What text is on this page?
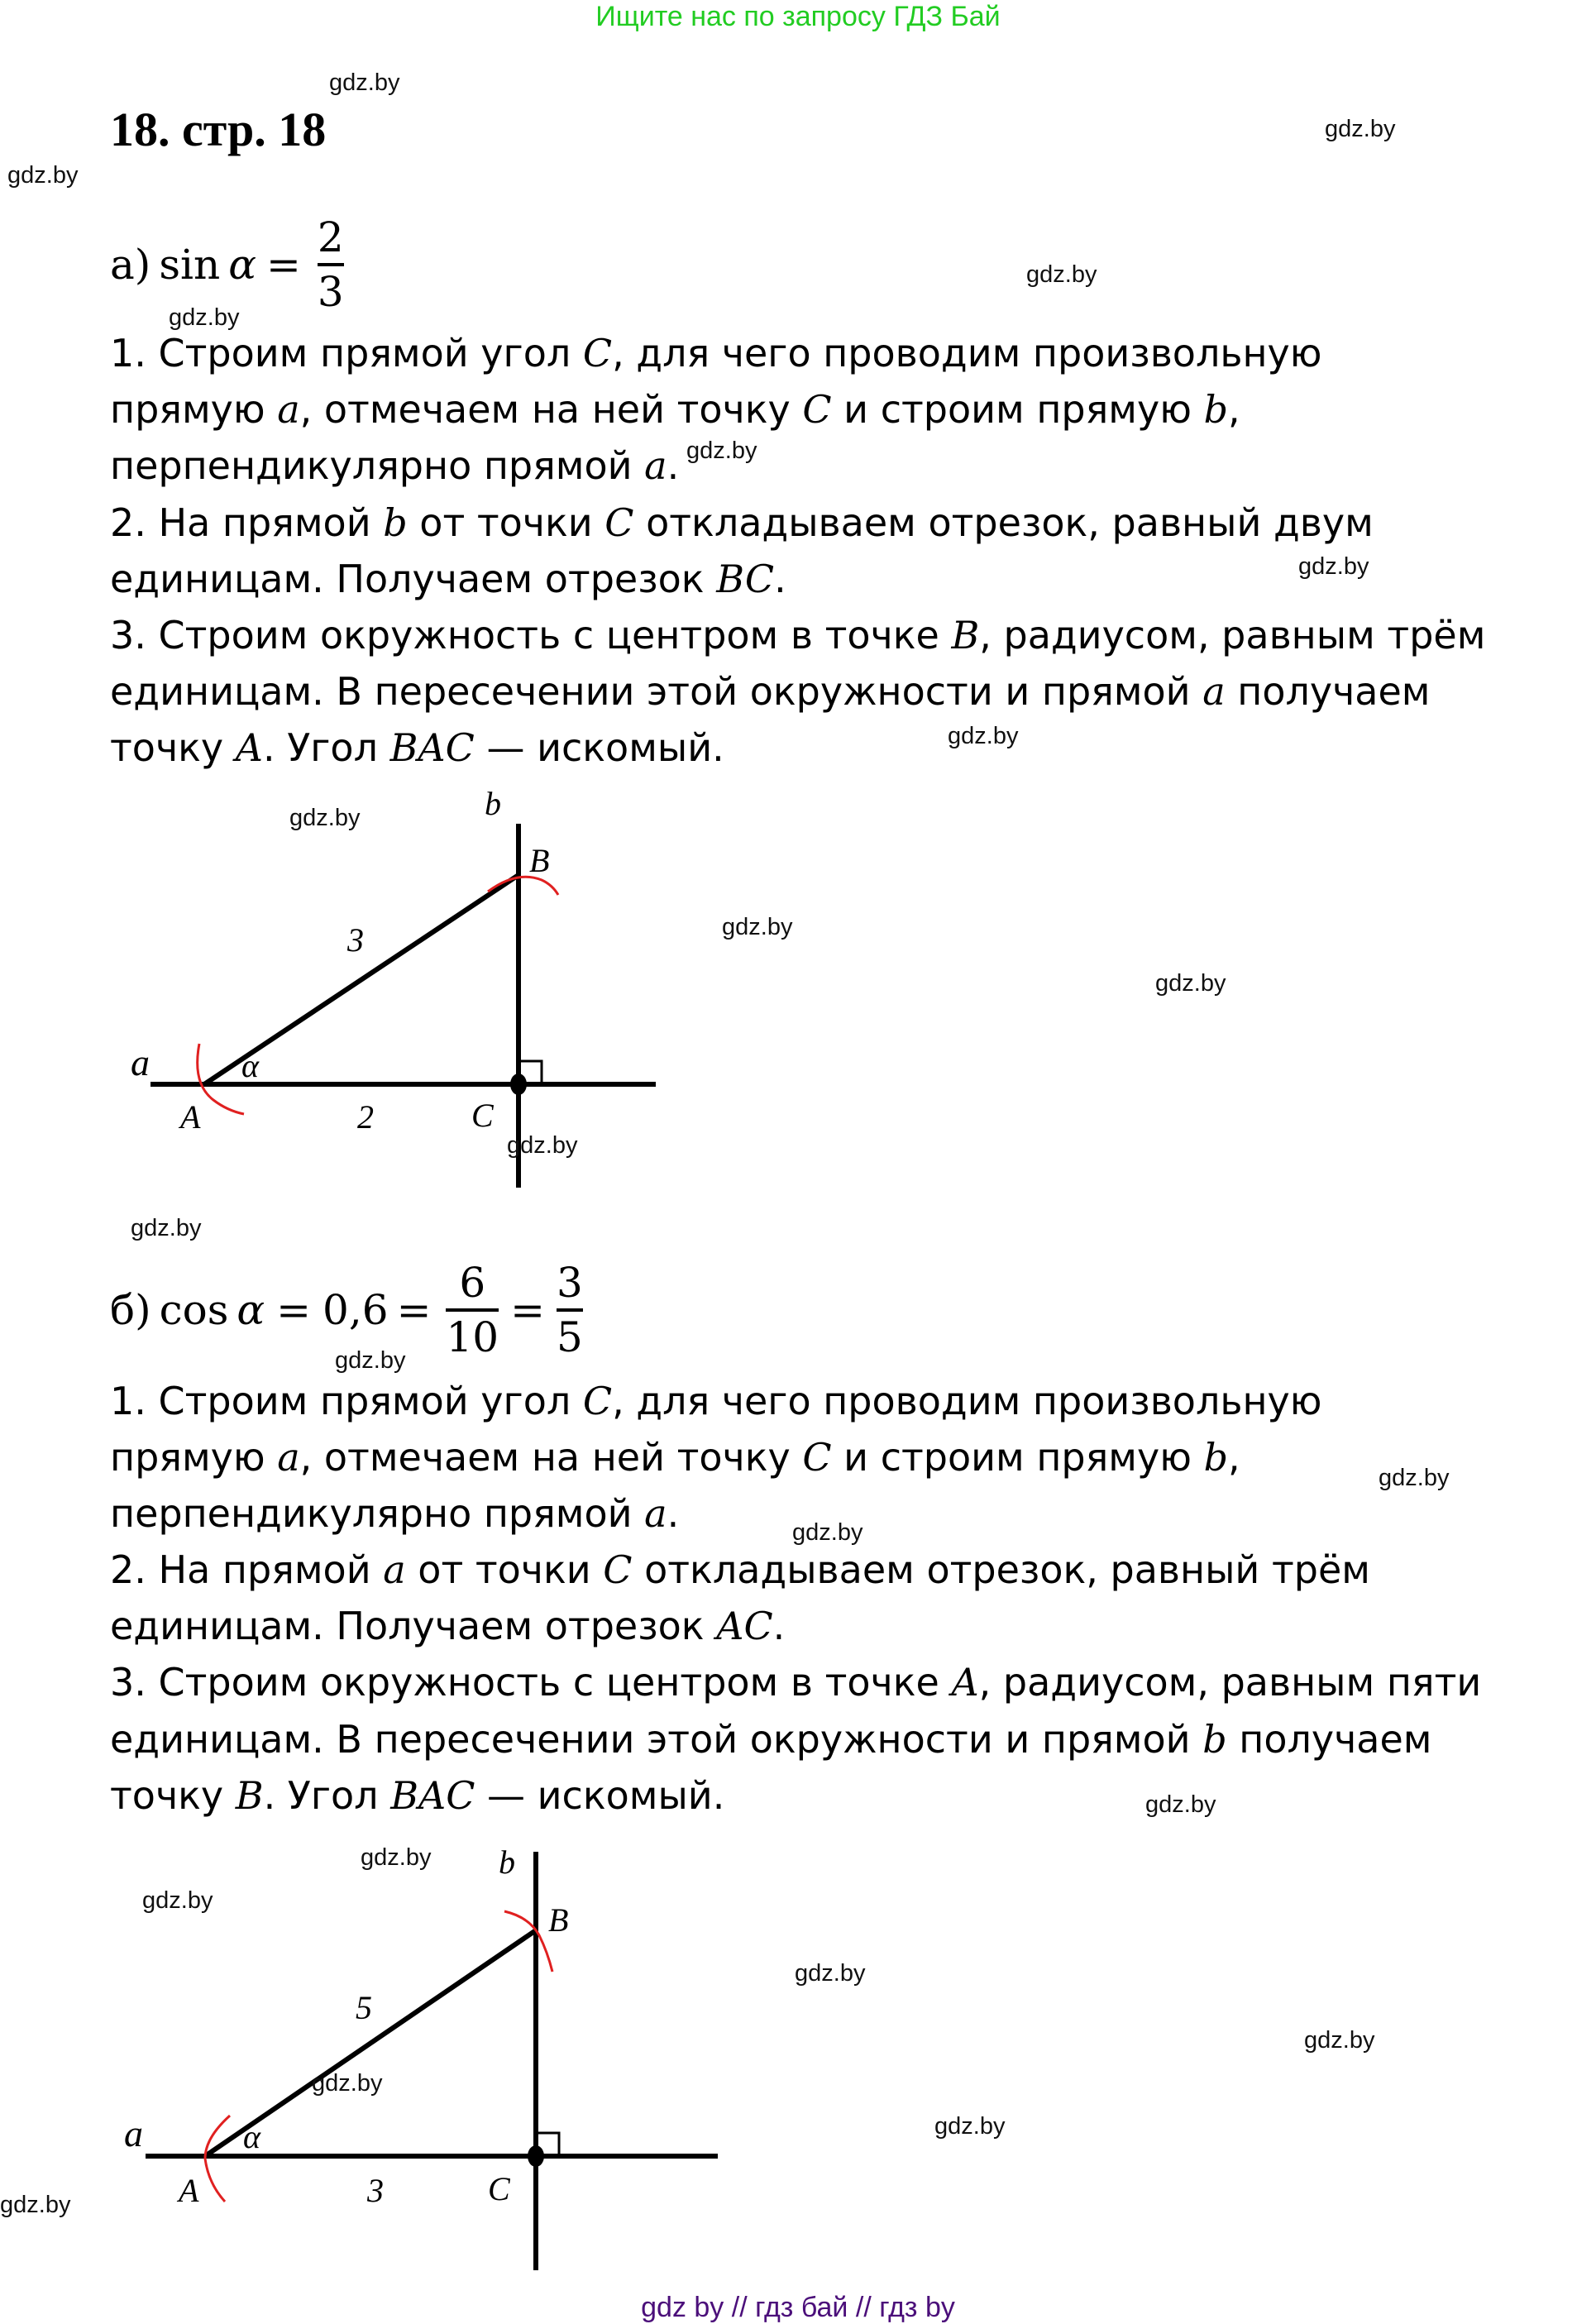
Ищите нас по запросу ГДЗ Бай
18. стр. 18
а) $\sin \alpha = \frac{2}{3}$
1. Строим прямой угол C, для чего проводим произвольную
прямую a, отмечаем на ней точку C и строим прямую b,
перпендикулярно прямой a.
2. На прямой b от точки C откладываем отрезок, равный двум
единицам. Получаем отрезок BC.
3. Строим окружность с центром в точке B, радиусом, равным трём
единицам. В пересечении этой окружности и прямой a получаем
точку A. Угол BAC — искомый.
b
B
3
a	α
A	2	C
б) $\cos \alpha = 0,6 = \frac{6}{10} = \frac{3}{5}$
1. Строим прямой угол C, для чего проводим произвольную
прямую a, отмечаем на ней точку C и строим прямую b,
перпендикулярно прямой a.
2. На прямой a от точки C откладываем отрезок, равный трём
единицам. Получаем отрезок AC.
3. Строим окружность с центром в точке A, радиусом, равным пяти
единицам. В пересечении этой окружности и прямой b получаем
точку B. Угол BAC — искомый.
b
B
5
a	α
A	3	C
gdz.by
gdz.by
gdz.by
gdz.by
gdz.by
gdz.by
gdz.by
gdz.by
gdz.by
gdz.by
gdz.by
gdz.by
gdz.by
gdz.by
gdz.by
gdz.by
gdz.by
gdz.by
gdz.by
gdz.by
gdz.by
gdz.by
gdz.by
gdz.by
gdz by // гдз бай // гдз by
